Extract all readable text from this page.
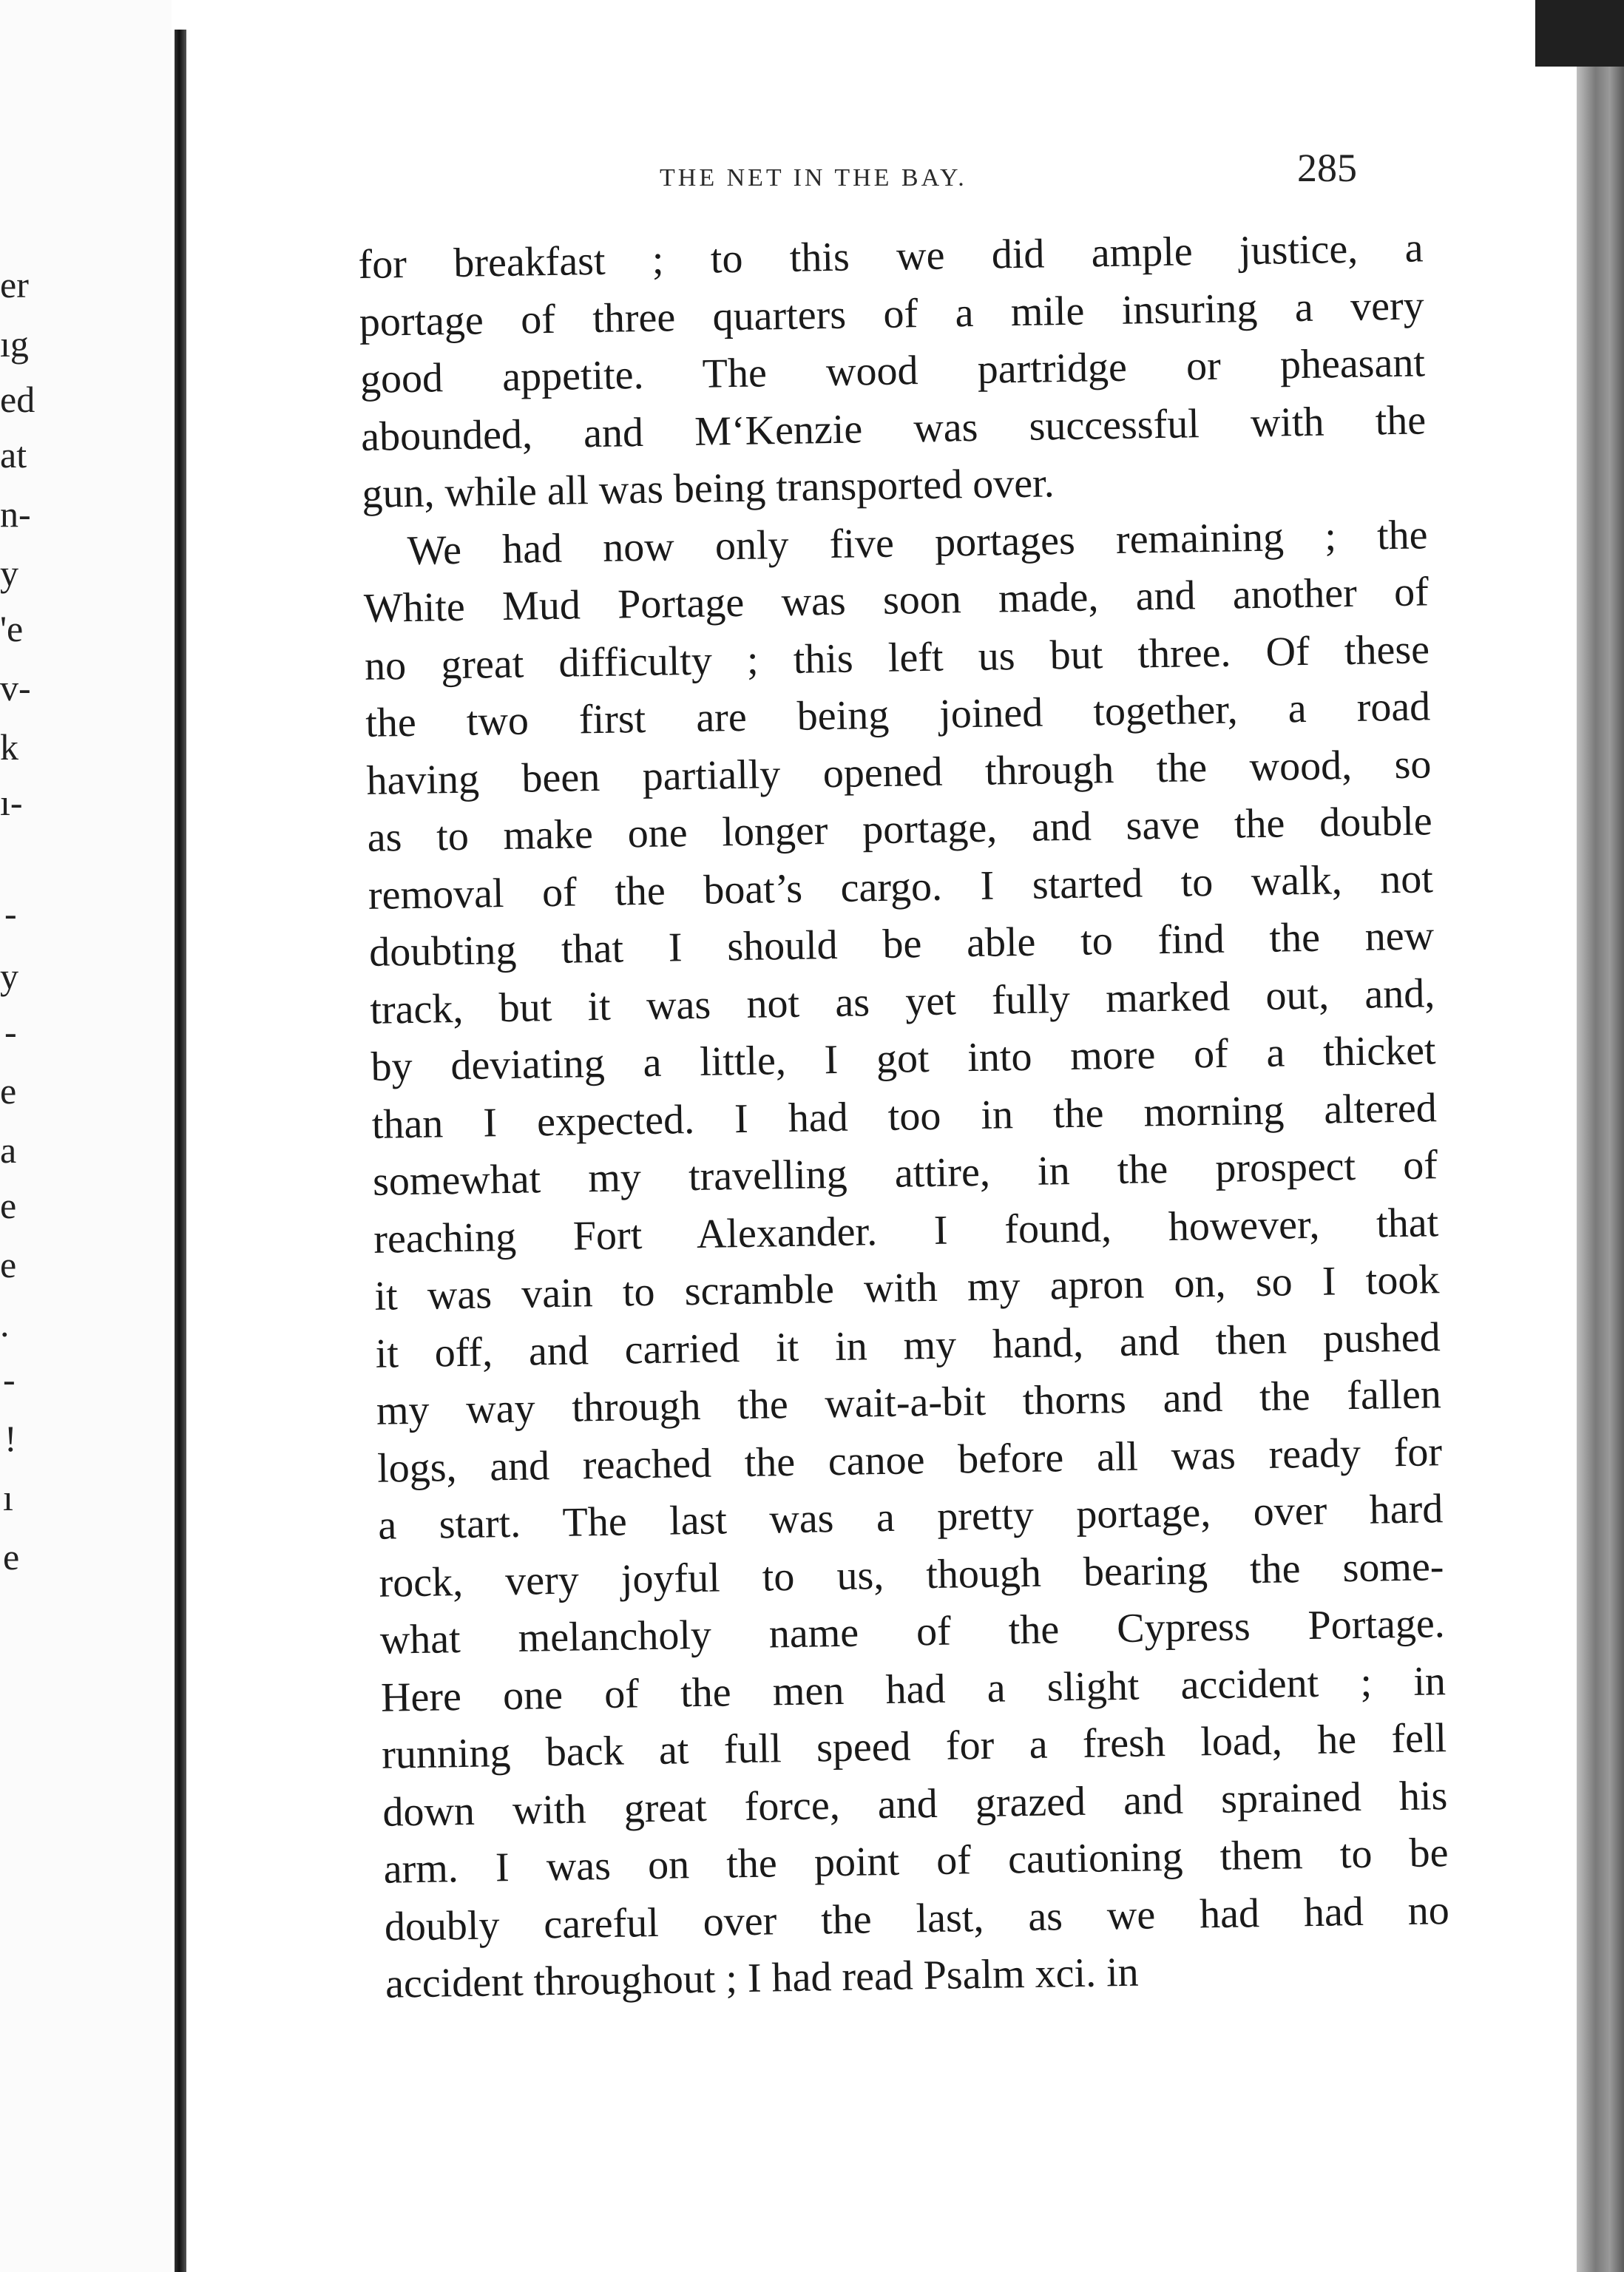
er
ıg
ed
at
n-
y
'e
v-
k
ı-
-
y
-
e
a
e
e
.
-
!
ı
e
THE NET IN THE BAY.	285
for breakfast ; to this we did ample justice, a
portage of three quarters of a mile insuring a very
good appetite. The wood partridge or pheasant
abounded, and M‘Kenzie was successful with the
gun, while all was being transported over.
We had now only five portages remaining ; the
White Mud Portage was soon made, and another of
no great difficulty ; this left us but three. Of these
the two first are being joined together, a road
having been partially opened through the wood, so
as to make one longer portage, and save the double
removal of the boat’s cargo. I started to walk, not
doubting that I should be able to find the new
track, but it was not as yet fully marked out, and,
by deviating a little, I got into more of a thicket
than I expected. I had too in the morning altered
somewhat my travelling attire, in the prospect of
reaching Fort Alexander. I found, however, that
it was vain to scramble with my apron on, so I took
it off, and carried it in my hand, and then pushed
my way through the wait-a-bit thorns and the fallen
logs, and reached the canoe before all was ready for
a start. The last was a pretty portage, over hard
rock, very joyful to us, though bearing the some-
what melancholy name of the Cypress Portage.
Here one of the men had a slight accident ; in
running back at full speed for a fresh load, he fell
down with great force, and grazed and sprained his
arm. I was on the point of cautioning them to be
doubly careful over the last, as we had had no
accident throughout ; I had read Psalm xci. in
